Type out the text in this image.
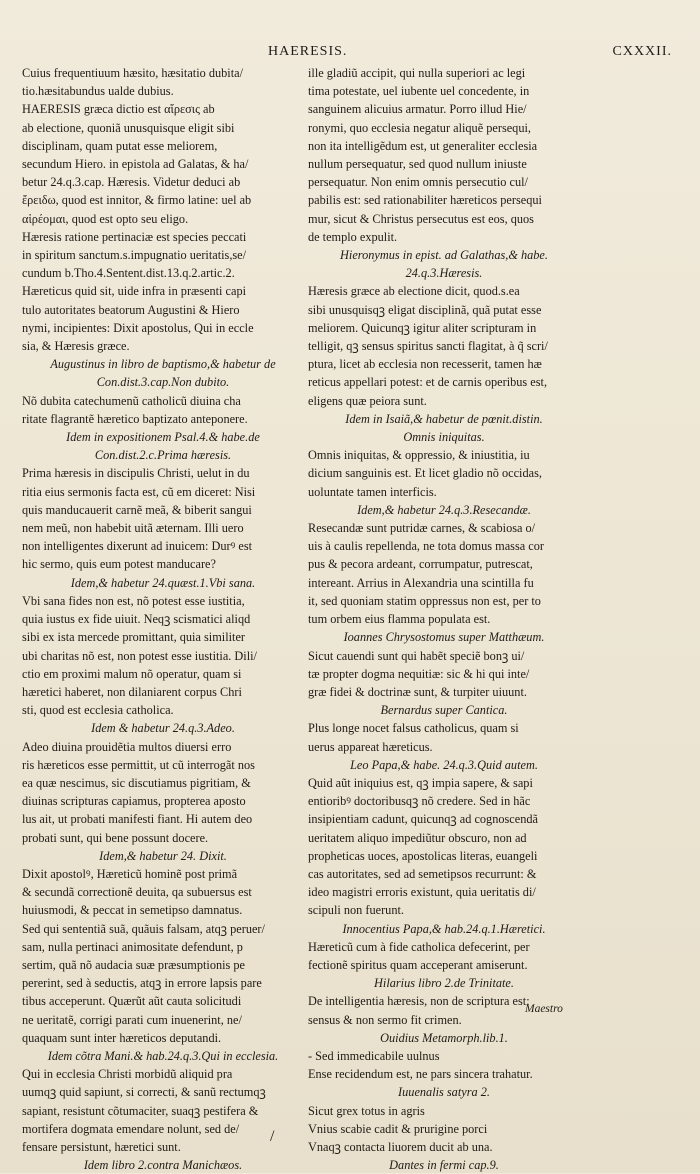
HAERESIS.	CXXXII.
Cuius frequentiuum hæsito, hæsitatio dubita/
tio.hæsitabundus ualde dubius.
HAERESIS græca dictio est αἵρεσις ab
ab electione, quoniã unusquisque eligit sibi
disciplinam, quam putat esse meliorem,
secundum Hiero. in epistola ad Galatas, & ha/
betur 24.q.3.cap. Hæresis. Videtur deduci ab
ἔρειδω, quod est innitor, & firmo latine: uel ab
αἱρέομαι, quod est opto seu eligo.
Hæresis ratione pertinaciæ est species peccati
in spiritum sanctum.s.impugnatio ueritatis,se/
cundum b.Tho.4.Sentent.dist.13.q.2.artic.2.
Hæreticus quid sit, uide infra in præsenti capi
tulo autoritates beatorum Augustini & Hiero
nymi, incipientes: Dixit apostolus, Qui in eccle
sia, & Hæresis græce.
Augustinus in libro de baptismo,& habetur de
Con.dist.3.cap.Non dubito.
Nõ dubita catechumenũ catholicũ diuina cha
ritate flagrantẽ hæretico baptizato anteponere.
Idem in expositionem Psal.4.& habe.de
Con.dist.2.c.Prima hæresis.
Prima hæresis in discipulis Christi, uelut in du
ritia eius sermonis facta est, cũ em diceret: Nisi
quis manducauerit carnẽ meã, & biberit sangui
nem meũ, non habebit uitã æternam. Illi uero
non intelligentes dixerunt ad inuicem: Durꝰ est
hic sermo, quis eum potest manducare?
Idem,& habetur 24.quæst.1.Vbi sana.
Vbi sana fides non est, nõ potest esse iustitia,
quia iustus ex fide uiuit. Neqꝫ scismatici aliqd
sibi ex ista mercede promittant, quia similiter
ubi charitas nõ est, non potest esse iustitia. Dili/
ctio em proximi malum nõ operatur, quam si
hæretici haberet, non dilaniarent corpus Chri
sti, quod est ecclesia catholica.
Idem & habetur 24.q.3.Adeo.
Adeo diuina prouidẽtia multos diuersi erro
ris hæreticos esse permittit, ut cũ interrogãt nos
ea quæ nescimus, sic discutiamus pigritiam, &
diuinas scripturas capiamus, propterea aposto
lus ait, ut probati manifesti fiant. Hi autem deo
probati sunt, qui bene possunt docere.
Idem,& habetur 24. Dixit.
Dixit apostolꝰ, Hæreticũ hominẽ post primã
& secundã correctionẽ deuita, qa subuersus est
huiusmodi, & peccat in semetipso damnatus.
Sed qui sententiã suã, quãuis falsam, atqꝫ peruer/
sam, nulla pertinaci animositate defendunt, p
sertim, quã nõ audacia suæ præsumptionis pe
pererint, sed à seductis, atqꝫ in errore lapsis pare
tibus acceperunt. Quærũt aũt cauta solicitudi
ne ueritatẽ, corrigi parati cum inuenerint, ne/
quaquam sunt inter hæreticos deputandi.
Idem cõtra Mani.& hab.24.q.3.Qui in ecclesia.
Qui in ecclesia Christi morbidũ aliquid pra
uumqꝫ quid sapiunt, si correcti, & sanũ rectumqꝫ
sapiant, resistunt cõtumaciter, suaqꝫ pestifera &
mortifera dogmata emendare nolunt, sed de/
fensare persistunt, hæretici sunt.
Idem libro 2.contra Manichæos.
ille gladiũ accipit, qui nulla superiori ac legi
tima potestate, uel iubente uel concedente, in
sanguinem alicuius armatur. Porro illud Hie/
ronymi, quo ecclesia negatur aliquẽ persequi,
non ita intelligẽdum est, ut generaliter ecclesia
nullum persequatur, sed quod nullum iniuste
persequatur. Non enim omnis persecutio cul/
pabilis est: sed rationabiliter hæreticos persequi
mur, sicut & Christus persecutus est eos, quos
de templo expulit.
Hieronymus in epist. ad Galathas,& habe.
24.q.3.Hæresis.
Hæresis græce ab electione dicit, quod.s.ea
sibi unusquisqꝫ eligat disciplinã, quã putat esse
meliorem. Quicunqꝫ igitur aliter scripturam in
telligit, qꝫ sensus spiritus sancti flagitat, à q̃ scri/
ptura, licet ab ecclesia non recesserit, tamen hæ
reticus appellari potest: et de carnis operibus est,
eligens quæ peiora sunt.
Idem in Isaiã,& habetur de pœnit.distin.
Omnis iniquitas.
Omnis iniquitas, & oppressio, & iniustitia, iu
dicium sanguinis est. Et licet gladio nõ occidas,
uoluntate tamen interficis.
Idem,& habetur 24.q.3.Resecandæ.
Resecandæ sunt putridæ carnes, & scabiosa o/
uis à caulis repellenda, ne tota domus massa cor
pus & pecora ardeant, corrumpatur, putrescat,
intereant. Arrius in Alexandria una scintilla fu
it, sed quoniam statim oppressus non est, per to
tum orbem eius flamma populata est.
Ioannes Chrysostomus super Matthæum.
Sicut cauendi sunt qui habẽt speciẽ bonꝫ ui/
tæ propter dogma nequitiæ: sic & hi qui inte/
græ fidei & doctrinæ sunt, & turpiter uiuunt.
Bernardus super Cantica.
Plus longe nocet falsus catholicus, quam si
uerus appareat hæreticus.
Leo Papa,& habe. 24.q.3.Quid autem.
Quid aũt iniquius est, qꝫ impia sapere, & sapi
entioribꝰ doctoribusqꝫ nõ credere. Sed in hãc
insipientiam cadunt, quicunqꝫ ad cognoscendã
ueritatem aliquo impediũtur obscuro, non ad
propheticas uoces, apostolicas literas, euangeli
cas autoritates, sed ad semetipsos recurrunt: &
ideo magistri erroris existunt, quia ueritatis di/
scipuli non fuerunt.
Innocentius Papa,& hab.24.q.1.Hæretici.
Hæreticũ cum à fide catholica defecerint, per
fectionẽ spiritus quam acceperant amiserunt.
Hilarius libro 2.de Trinitate.
De intelligentia hæresis, non de scriptura est:
sensus & non sermo fit crimen.
Ouidius Metamorph.lib.1.
- Sed immedicabile uulnus
Ense recidendum est, ne pars sincera trahatur.
Iuuenalis satyra 2.
Sicut grex totus in agris
Vnius scabie cadit & prurigine porci
Vnaqꝫ contacta liuorem ducit ab una.
Dantes in fermi cap.9.
Maestro
/
